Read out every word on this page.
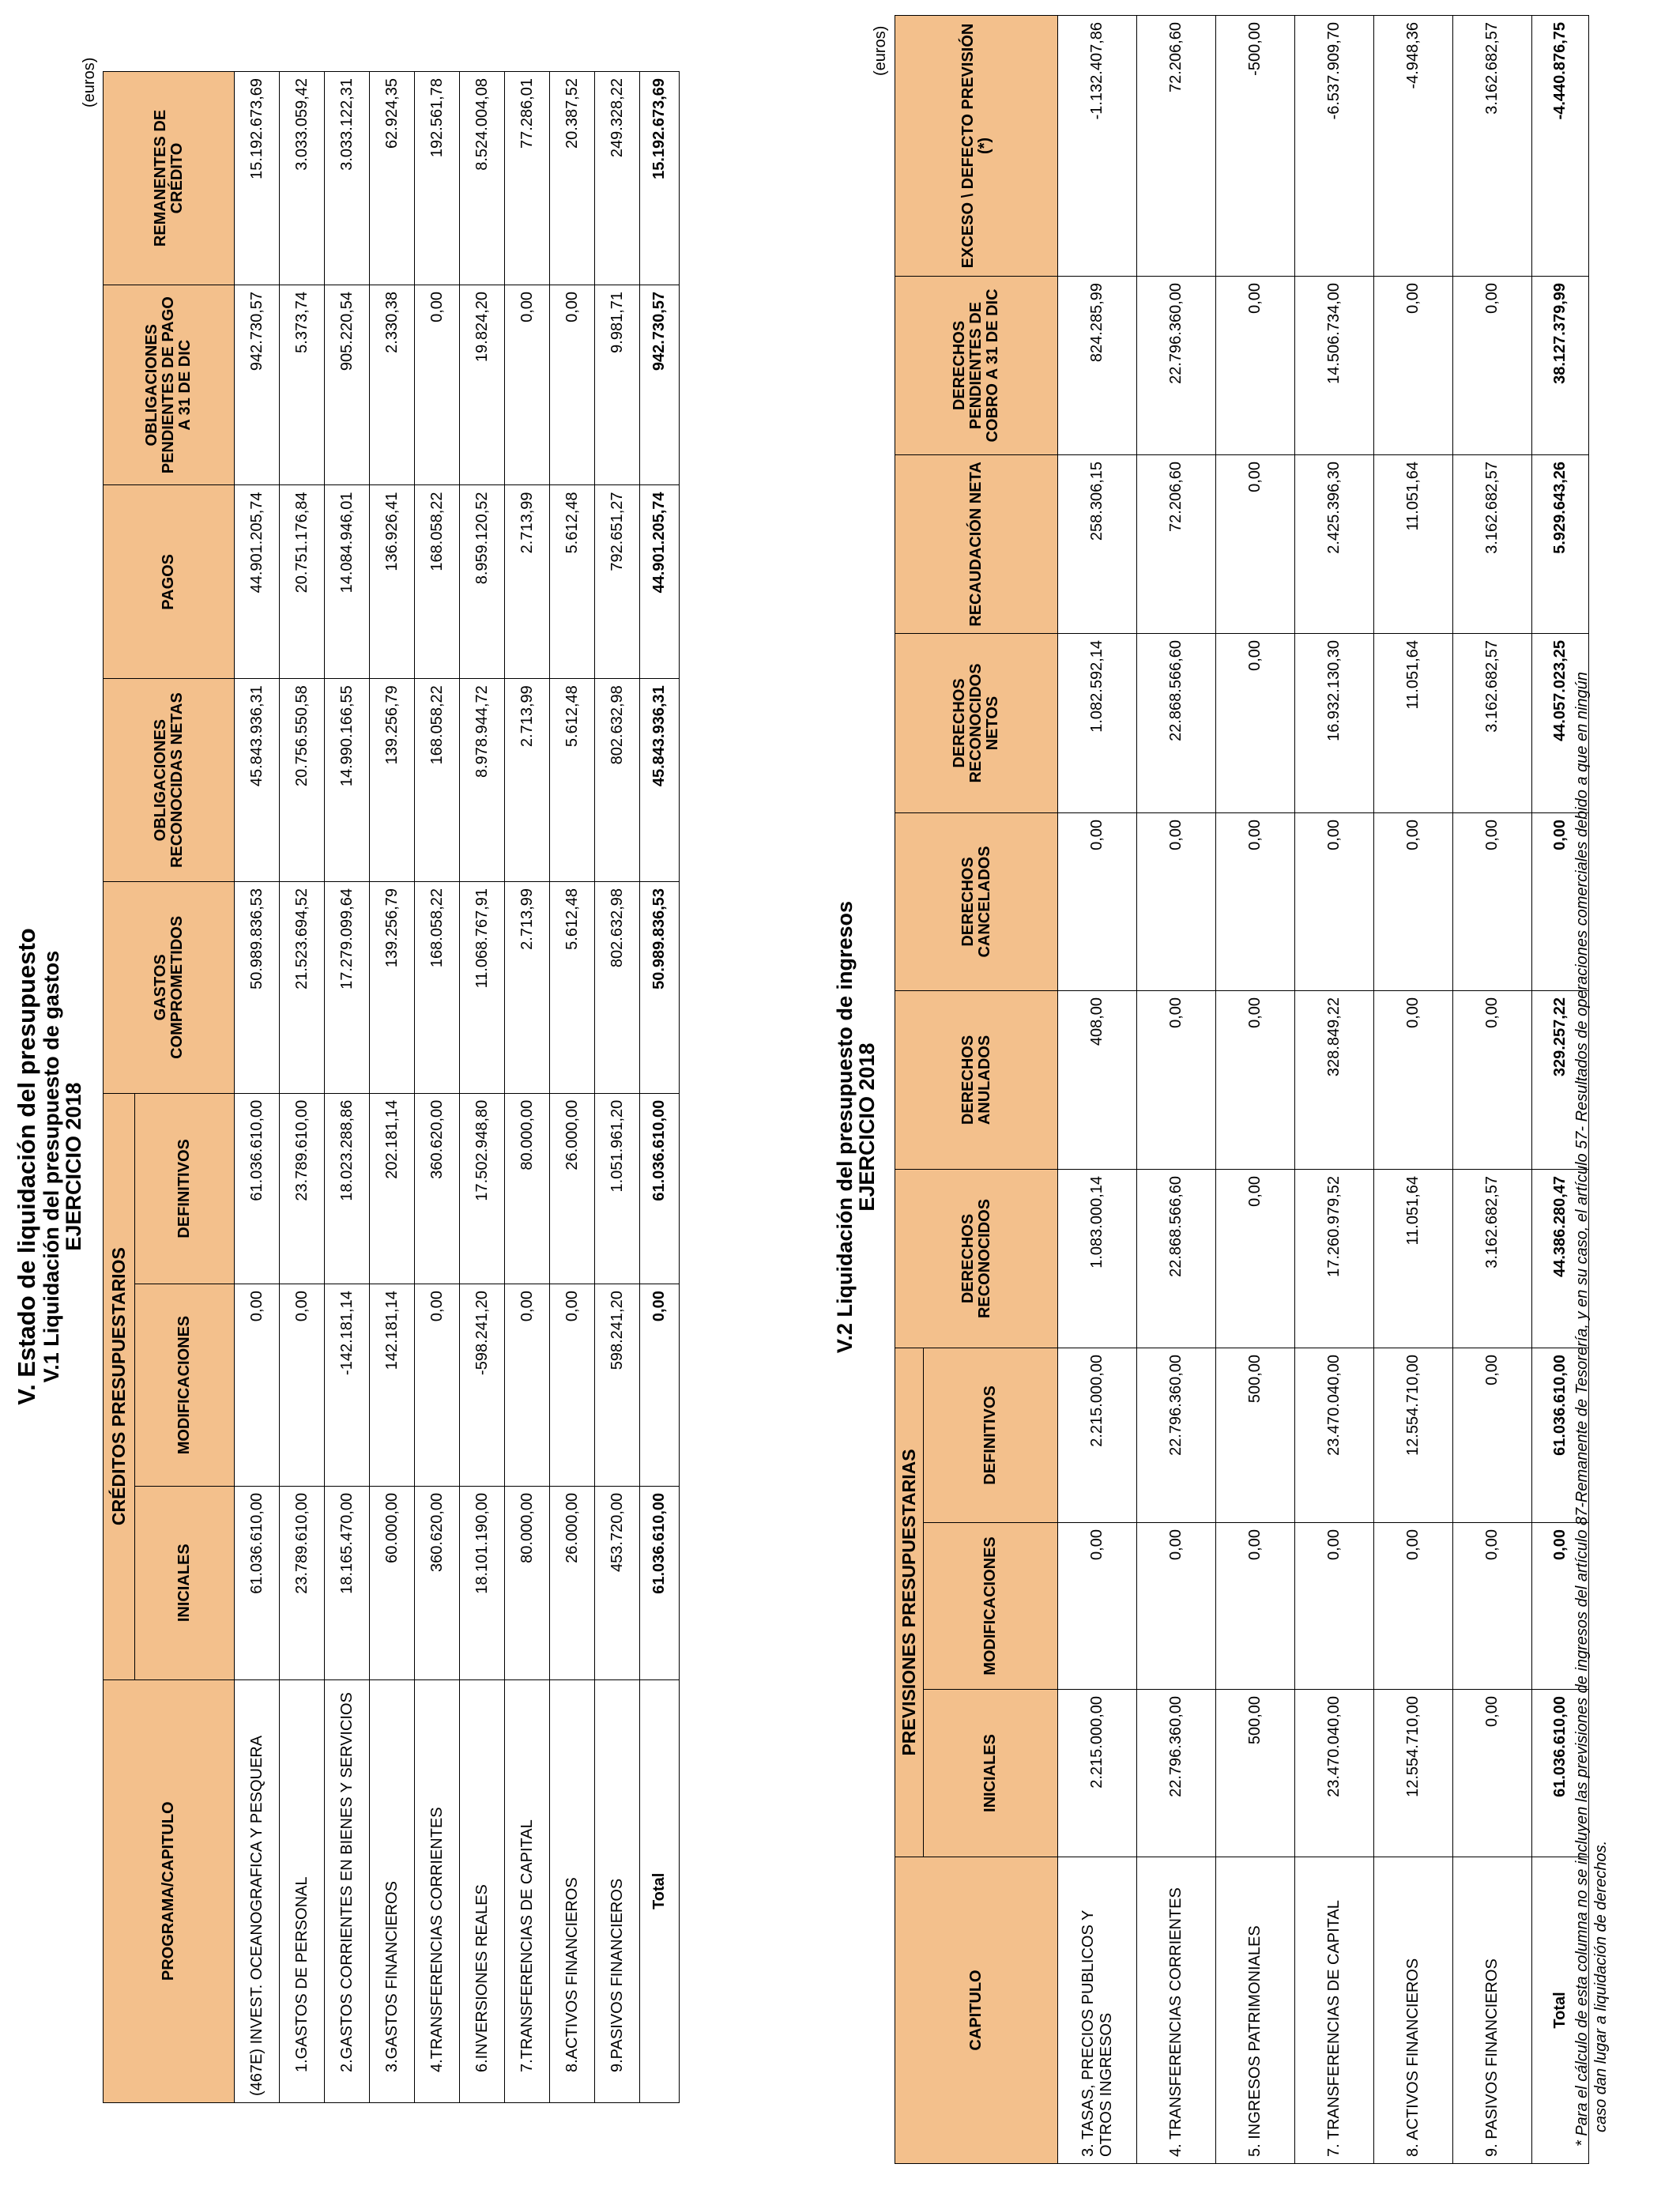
V. Estado de liquidación del presupuesto
V.1 Liquidación del presupuesto de gastos
EJERCICIO 2018
(euros)
PROGRAMA/CAPITULO	CRÉDITOS PRESUPUESTARIOS			GASTOS COMPROMETIDOS	OBLIGACIONES RECONOCIDAS NETAS	PAGOS	OBLIGACIONES PENDIENTES DE PAGO A 31 DE DIC	REMANENTES DE CRÉDITO
	INICIALES	MODIFICACIONES	DEFINITIVOS					
(467E) INVEST. OCEANOGRAFICA Y PESQUERA	61.036.610,00	0,00	61.036.610,00	50.989.836,53	45.843.936,31	44.901.205,74	942.730,57	15.192.673,69
1.GASTOS DE PERSONAL	23.789.610,00	0,00	23.789.610,00	21.523.694,52	20.756.550,58	20.751.176,84	5.373,74	3.033.059,42
2.GASTOS CORRIENTES EN BIENES Y SERVICIOS	18.165.470,00	-142.181,14	18.023.288,86	17.279.099,64	14.990.166,55	14.084.946,01	905.220,54	3.033.122,31
3.GASTOS FINANCIEROS	60.000,00	142.181,14	202.181,14	139.256,79	139.256,79	136.926,41	2.330,38	62.924,35
4.TRANSFERENCIAS CORRIENTES	360.620,00	0,00	360.620,00	168.058,22	168.058,22	168.058,22	0,00	192.561,78
6.INVERSIONES REALES	18.101.190,00	-598.241,20	17.502.948,80	11.068.767,91	8.978.944,72	8.959.120,52	19.824,20	8.524.004,08
7.TRANSFERENCIAS DE CAPITAL	80.000,00	0,00	80.000,00	2.713,99	2.713,99	2.713,99	0,00	77.286,01
8.ACTIVOS FINANCIEROS	26.000,00	0,00	26.000,00	5.612,48	5.612,48	5.612,48	0,00	20.387,52
9.PASIVOS FINANCIEROS	453.720,00	598.241,20	1.051.961,20	802.632,98	802.632,98	792.651,27	9.981,71	249.328,22
Total	61.036.610,00	0,00	61.036.610,00	50.989.836,53	45.843.936,31	44.901.205,74	942.730,57	15.192.673,69
V.2 Liquidación del presupuesto de ingresos
EJERCICIO 2018
(euros)
CAPITULO	PREVISIONES PRESUPUESTARIAS			DERECHOS RECONOCIDOS	DERECHOS ANULADOS	DERECHOS CANCELADOS	DERECHOS RECONOCIDOS NETOS	RECAUDACIÓN NETA	DERECHOS PENDIENTES DE COBRO A 31 DE DIC	EXCESO \ DEFECTO PREVISIÓN (*)
	INICIALES	MODIFICACIONES	DEFINITIVOS							
3. TASAS, PRECIOS PUBLICOS Y OTROS INGRESOS	2.215.000,00	0,00	2.215.000,00	1.083.000,14	408,00	0,00	1.082.592,14	258.306,15	824.285,99	-1.132.407,86
4. TRANSFERENCIAS CORRIENTES	22.796.360,00	0,00	22.796.360,00	22.868.566,60	0,00	0,00	22.868.566,60	72.206,60	22.796.360,00	72.206,60
5. INGRESOS PATRIMONIALES	500,00	0,00	500,00	0,00	0,00	0,00	0,00	0,00	0,00	-500,00
7. TRANSFERENCIAS DE CAPITAL	23.470.040,00	0,00	23.470.040,00	17.260.979,52	328.849,22	0,00	16.932.130,30	2.425.396,30	14.506.734,00	-6.537.909,70
8. ACTIVOS FINANCIEROS	12.554.710,00	0,00	12.554.710,00	11.051,64	0,00	0,00	11.051,64	11.051,64	0,00	-4.948,36
9. PASIVOS FINANCIEROS	0,00	0,00	0,00	3.162.682,57	0,00	0,00	3.162.682,57	3.162.682,57	0,00	3.162.682,57
Total	61.036.610,00	0,00	61.036.610,00	44.386.280,47	329.257,22	0,00	44.057.023,25	5.929.643,26	38.127.379,99	-4.440.876,75
* Para el cálculo de esta columna no se incluyen las previsiones de ingresos del artículo 87-Remanente de Tesorería, y en su caso, el artículo 57- Resultados de operaciones comerciales debido a que en ningún caso dan lugar a liquidación de derechos.
